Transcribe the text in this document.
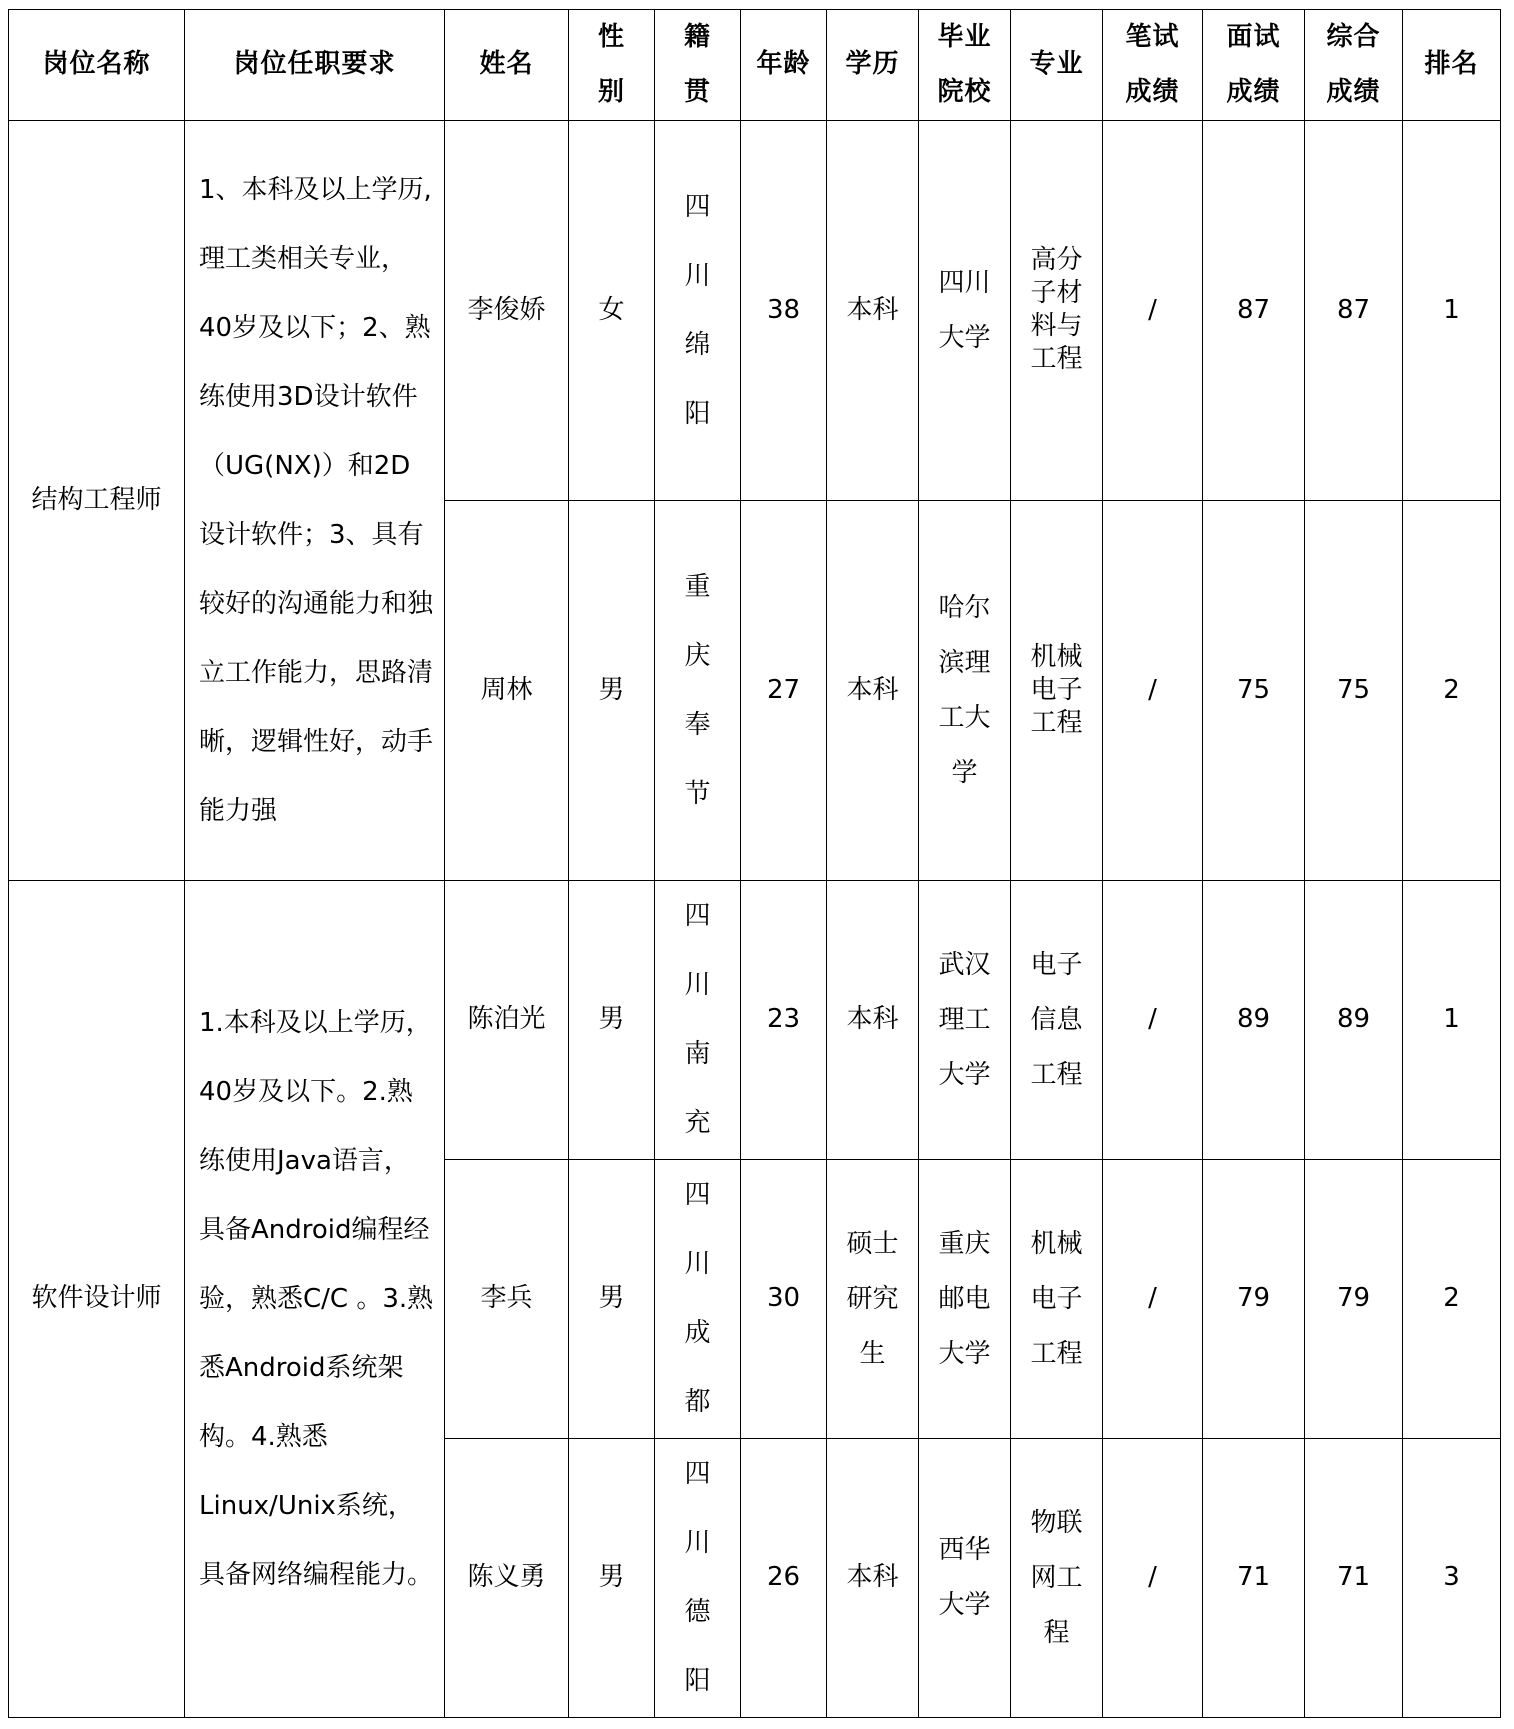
岗位名称	岗位任职要求	姓名	性别	籍贯	年龄	学历	毕业院校	专业	笔试成绩	面试成绩	综合成绩	排名
结构工程师	1、本科及以上学历,理工类相关专业，40岁及以下；2、熟练使用3D设计软件（UG(NX)）和2D设计软件；3、具有较好的沟通能力和独立工作能力，思路清晰，逻辑性好，动手能力强	李俊娇	女	四川绵阳	38	本科	四川大学	高分子材料与工程	/	87	87	1
		周林	男	重庆奉节	27	本科	哈尔滨理工大学	机械电子工程	/	75	75	2
软件设计师	1.本科及以上学历，40岁及以下。2.熟练使用Java语言，具备Android编程经验，熟悉C/C 。3.熟悉Android系统架构。4.熟悉Linux/Unix系统，具备网络编程能力。	陈泊光	男	四川南充	23	本科	武汉理工大学	电子信息工程	/	89	89	1
		李兵	男	四川成都	30	硕士研究生	重庆邮电大学	机械电子工程	/	79	79	2
		陈义勇	男	四川德阳	26	本科	西华大学	物联网工程	/	71	71	3
